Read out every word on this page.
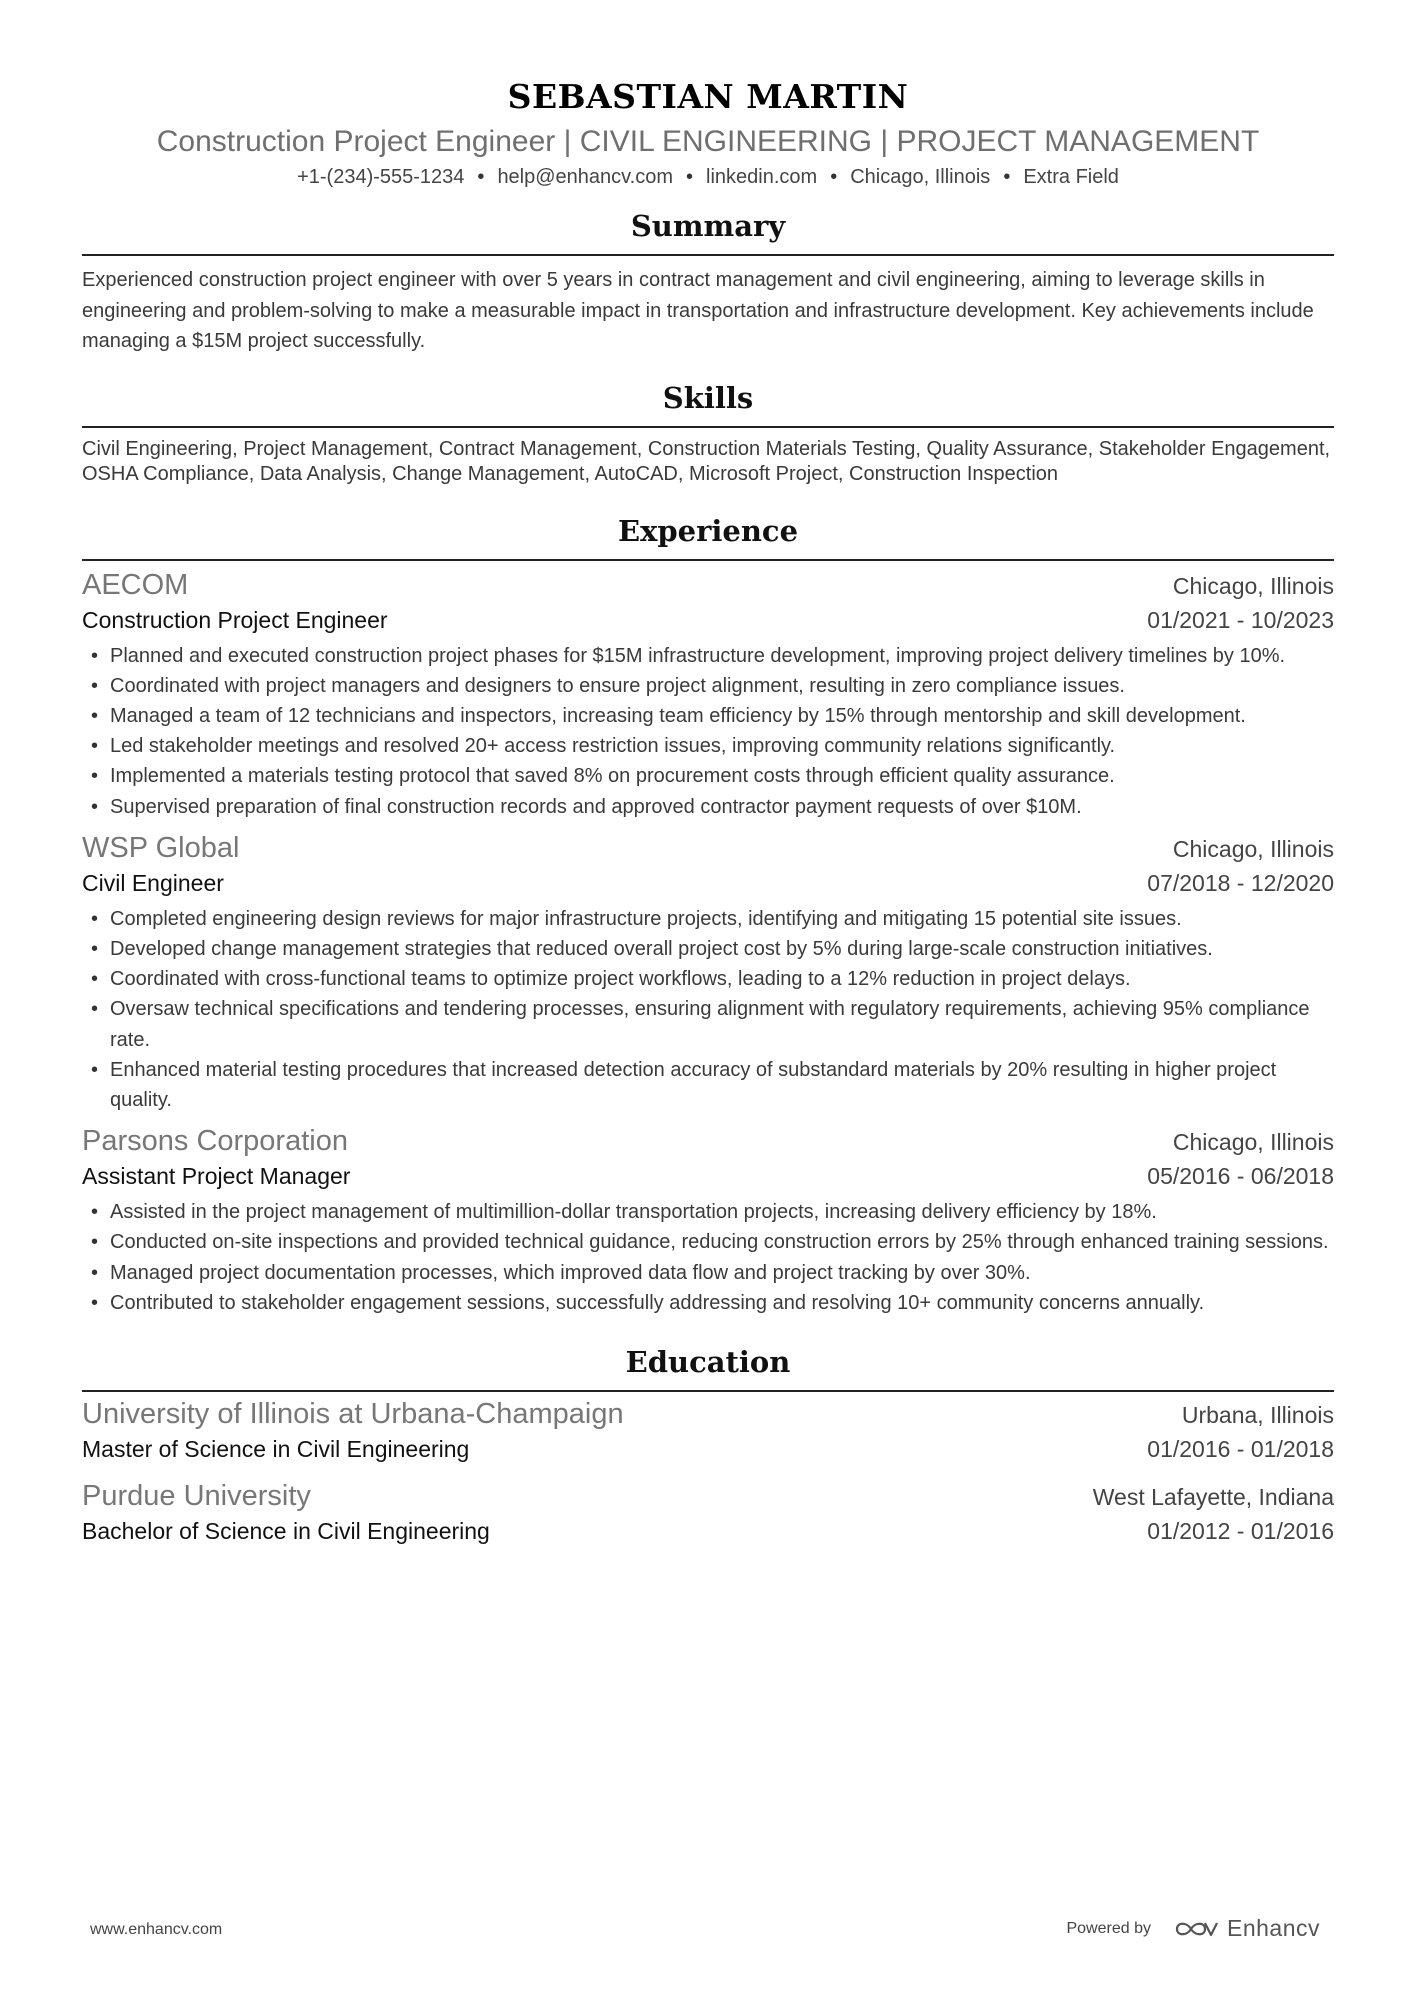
SEBASTIAN MARTIN
Construction Project Engineer | CIVIL ENGINEERING | PROJECT MANAGEMENT
+1-(234)-555-1234 • help@enhancv.com • linkedin.com • Chicago, Illinois • Extra Field
Summary
Experienced construction project engineer with over 5 years in contract management and civil engineering, aiming to leverage skills in engineering and problem-solving to make a measurable impact in transportation and infrastructure development. Key achievements include managing a $15M project successfully.
Skills
Civil Engineering, Project Management, Contract Management, Construction Materials Testing, Quality Assurance, Stakeholder Engagement, OSHA Compliance, Data Analysis, Change Management, AutoCAD, Microsoft Project, Construction Inspection
Experience
AECOM	Chicago, Illinois
Construction Project Engineer	01/2021 - 10/2023
• Planned and executed construction project phases for $15M infrastructure development, improving project delivery timelines by 10%.
• Coordinated with project managers and designers to ensure project alignment, resulting in zero compliance issues.
• Managed a team of 12 technicians and inspectors, increasing team efficiency by 15% through mentorship and skill development.
• Led stakeholder meetings and resolved 20+ access restriction issues, improving community relations significantly.
• Implemented a materials testing protocol that saved 8% on procurement costs through efficient quality assurance.
• Supervised preparation of final construction records and approved contractor payment requests of over $10M.
WSP Global	Chicago, Illinois
Civil Engineer	07/2018 - 12/2020
• Completed engineering design reviews for major infrastructure projects, identifying and mitigating 15 potential site issues.
• Developed change management strategies that reduced overall project cost by 5% during large-scale construction initiatives.
• Coordinated with cross-functional teams to optimize project workflows, leading to a 12% reduction in project delays.
• Oversaw technical specifications and tendering processes, ensuring alignment with regulatory requirements, achieving 95% compliance rate.
• Enhanced material testing procedures that increased detection accuracy of substandard materials by 20% resulting in higher project quality.
Parsons Corporation	Chicago, Illinois
Assistant Project Manager	05/2016 - 06/2018
• Assisted in the project management of multimillion-dollar transportation projects, increasing delivery efficiency by 18%.
• Conducted on-site inspections and provided technical guidance, reducing construction errors by 25% through enhanced training sessions.
• Managed project documentation processes, which improved data flow and project tracking by over 30%.
• Contributed to stakeholder engagement sessions, successfully addressing and resolving 10+ community concerns annually.
Education
University of Illinois at Urbana-Champaign	Urbana, Illinois
Master of Science in Civil Engineering	01/2016 - 01/2018
Purdue University	West Lafayette, Indiana
Bachelor of Science in Civil Engineering	01/2012 - 01/2016
www.enhancv.com	Powered by	Enhancv
